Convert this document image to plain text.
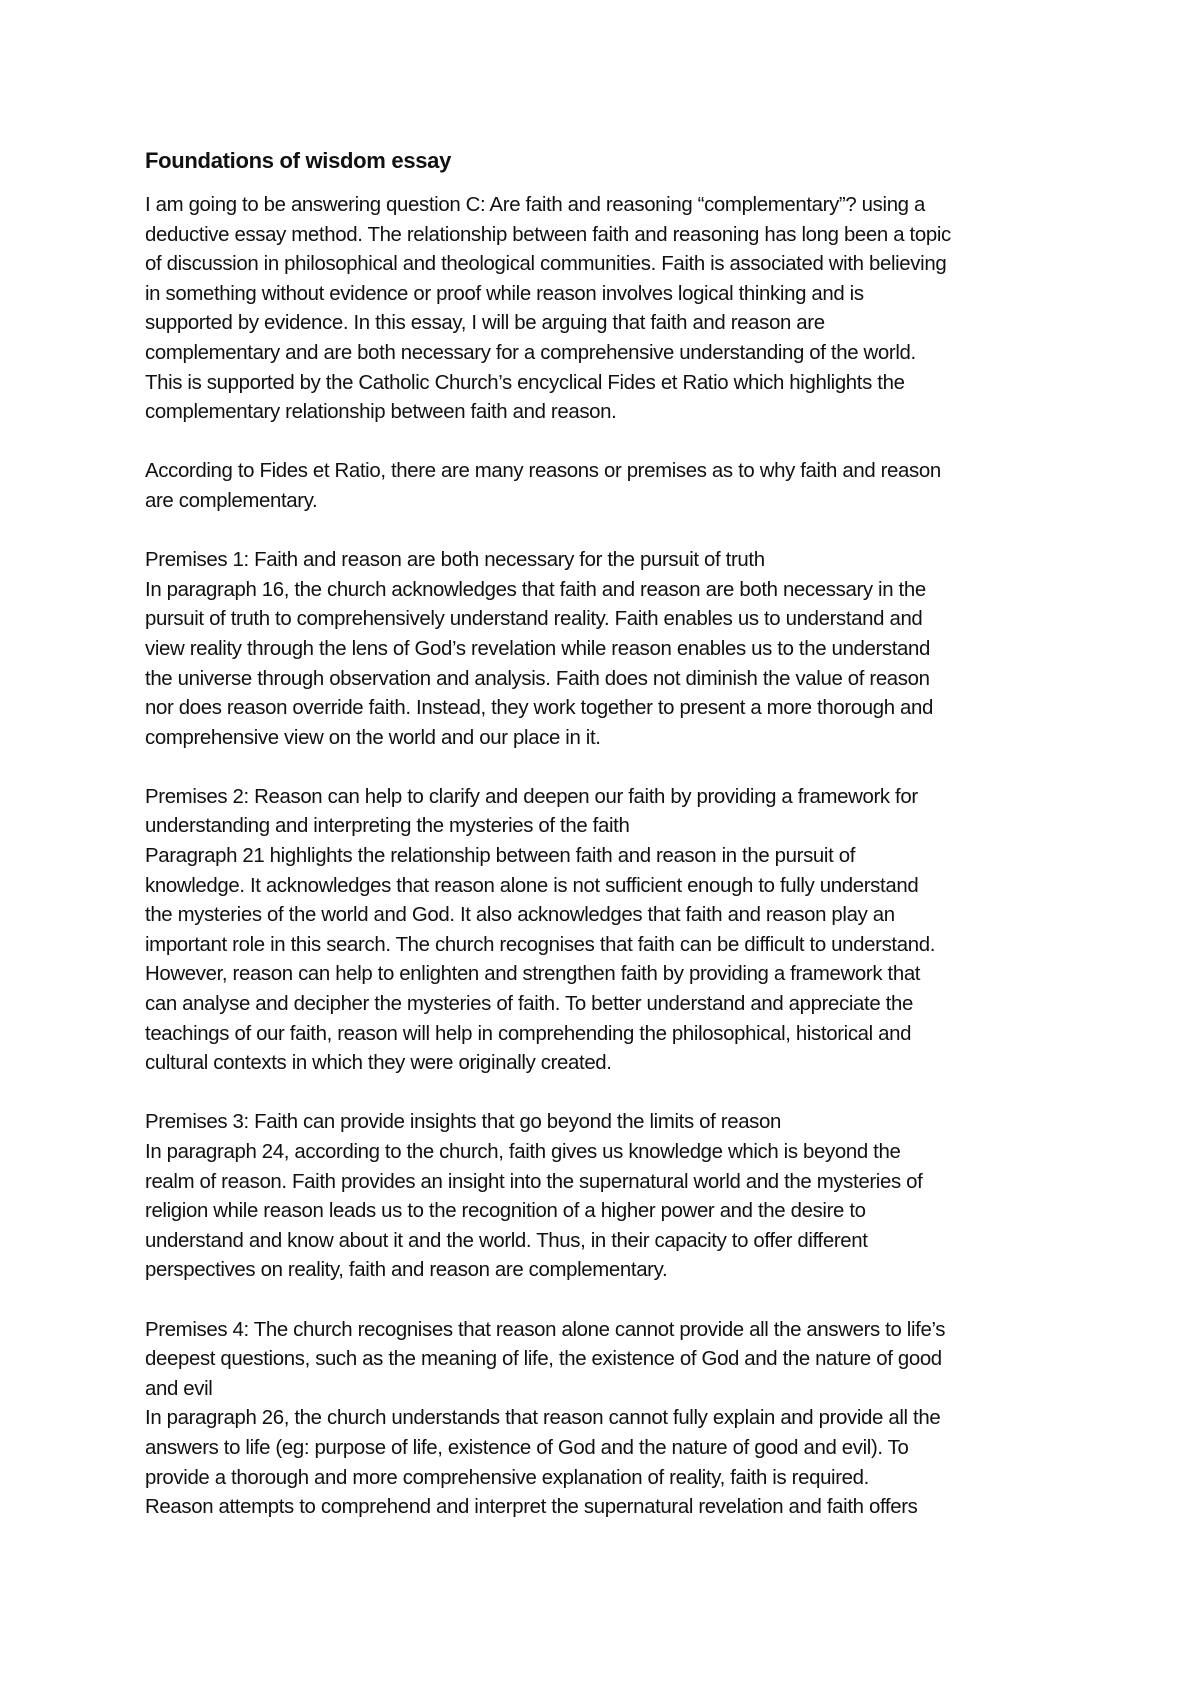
Foundations of wisdom essay
I am going to be answering question C: Are faith and reasoning “complementary”? using a
deductive essay method. The relationship between faith and reasoning has long been a topic
of discussion in philosophical and theological communities. Faith is associated with believing
in something without evidence or proof while reason involves logical thinking and is
supported by evidence. In this essay, I will be arguing that faith and reason are
complementary and are both necessary for a comprehensive understanding of the world.
This is supported by the Catholic Church’s encyclical Fides et Ratio which highlights the
complementary relationship between faith and reason.
According to Fides et Ratio, there are many reasons or premises as to why faith and reason
are complementary.
Premises 1: Faith and reason are both necessary for the pursuit of truth
In paragraph 16, the church acknowledges that faith and reason are both necessary in the
pursuit of truth to comprehensively understand reality. Faith enables us to understand and
view reality through the lens of God’s revelation while reason enables us to the understand
the universe through observation and analysis. Faith does not diminish the value of reason
nor does reason override faith. Instead, they work together to present a more thorough and
comprehensive view on the world and our place in it.
Premises 2: Reason can help to clarify and deepen our faith by providing a framework for
understanding and interpreting the mysteries of the faith
Paragraph 21 highlights the relationship between faith and reason in the pursuit of
knowledge. It acknowledges that reason alone is not sufficient enough to fully understand
the mysteries of the world and God. It also acknowledges that faith and reason play an
important role in this search. The church recognises that faith can be difficult to understand.
However, reason can help to enlighten and strengthen faith by providing a framework that
can analyse and decipher the mysteries of faith. To better understand and appreciate the
teachings of our faith, reason will help in comprehending the philosophical, historical and
cultural contexts in which they were originally created.
Premises 3: Faith can provide insights that go beyond the limits of reason
In paragraph 24, according to the church, faith gives us knowledge which is beyond the
realm of reason. Faith provides an insight into the supernatural world and the mysteries of
religion while reason leads us to the recognition of a higher power and the desire to
understand and know about it and the world. Thus, in their capacity to offer different
perspectives on reality, faith and reason are complementary.
Premises 4: The church recognises that reason alone cannot provide all the answers to life’s
deepest questions, such as the meaning of life, the existence of God and the nature of good
and evil
In paragraph 26, the church understands that reason cannot fully explain and provide all the
answers to life (eg: purpose of life, existence of God and the nature of good and evil). To
provide a thorough and more comprehensive explanation of reality, faith is required.
Reason attempts to comprehend and interpret the supernatural revelation and faith offers
